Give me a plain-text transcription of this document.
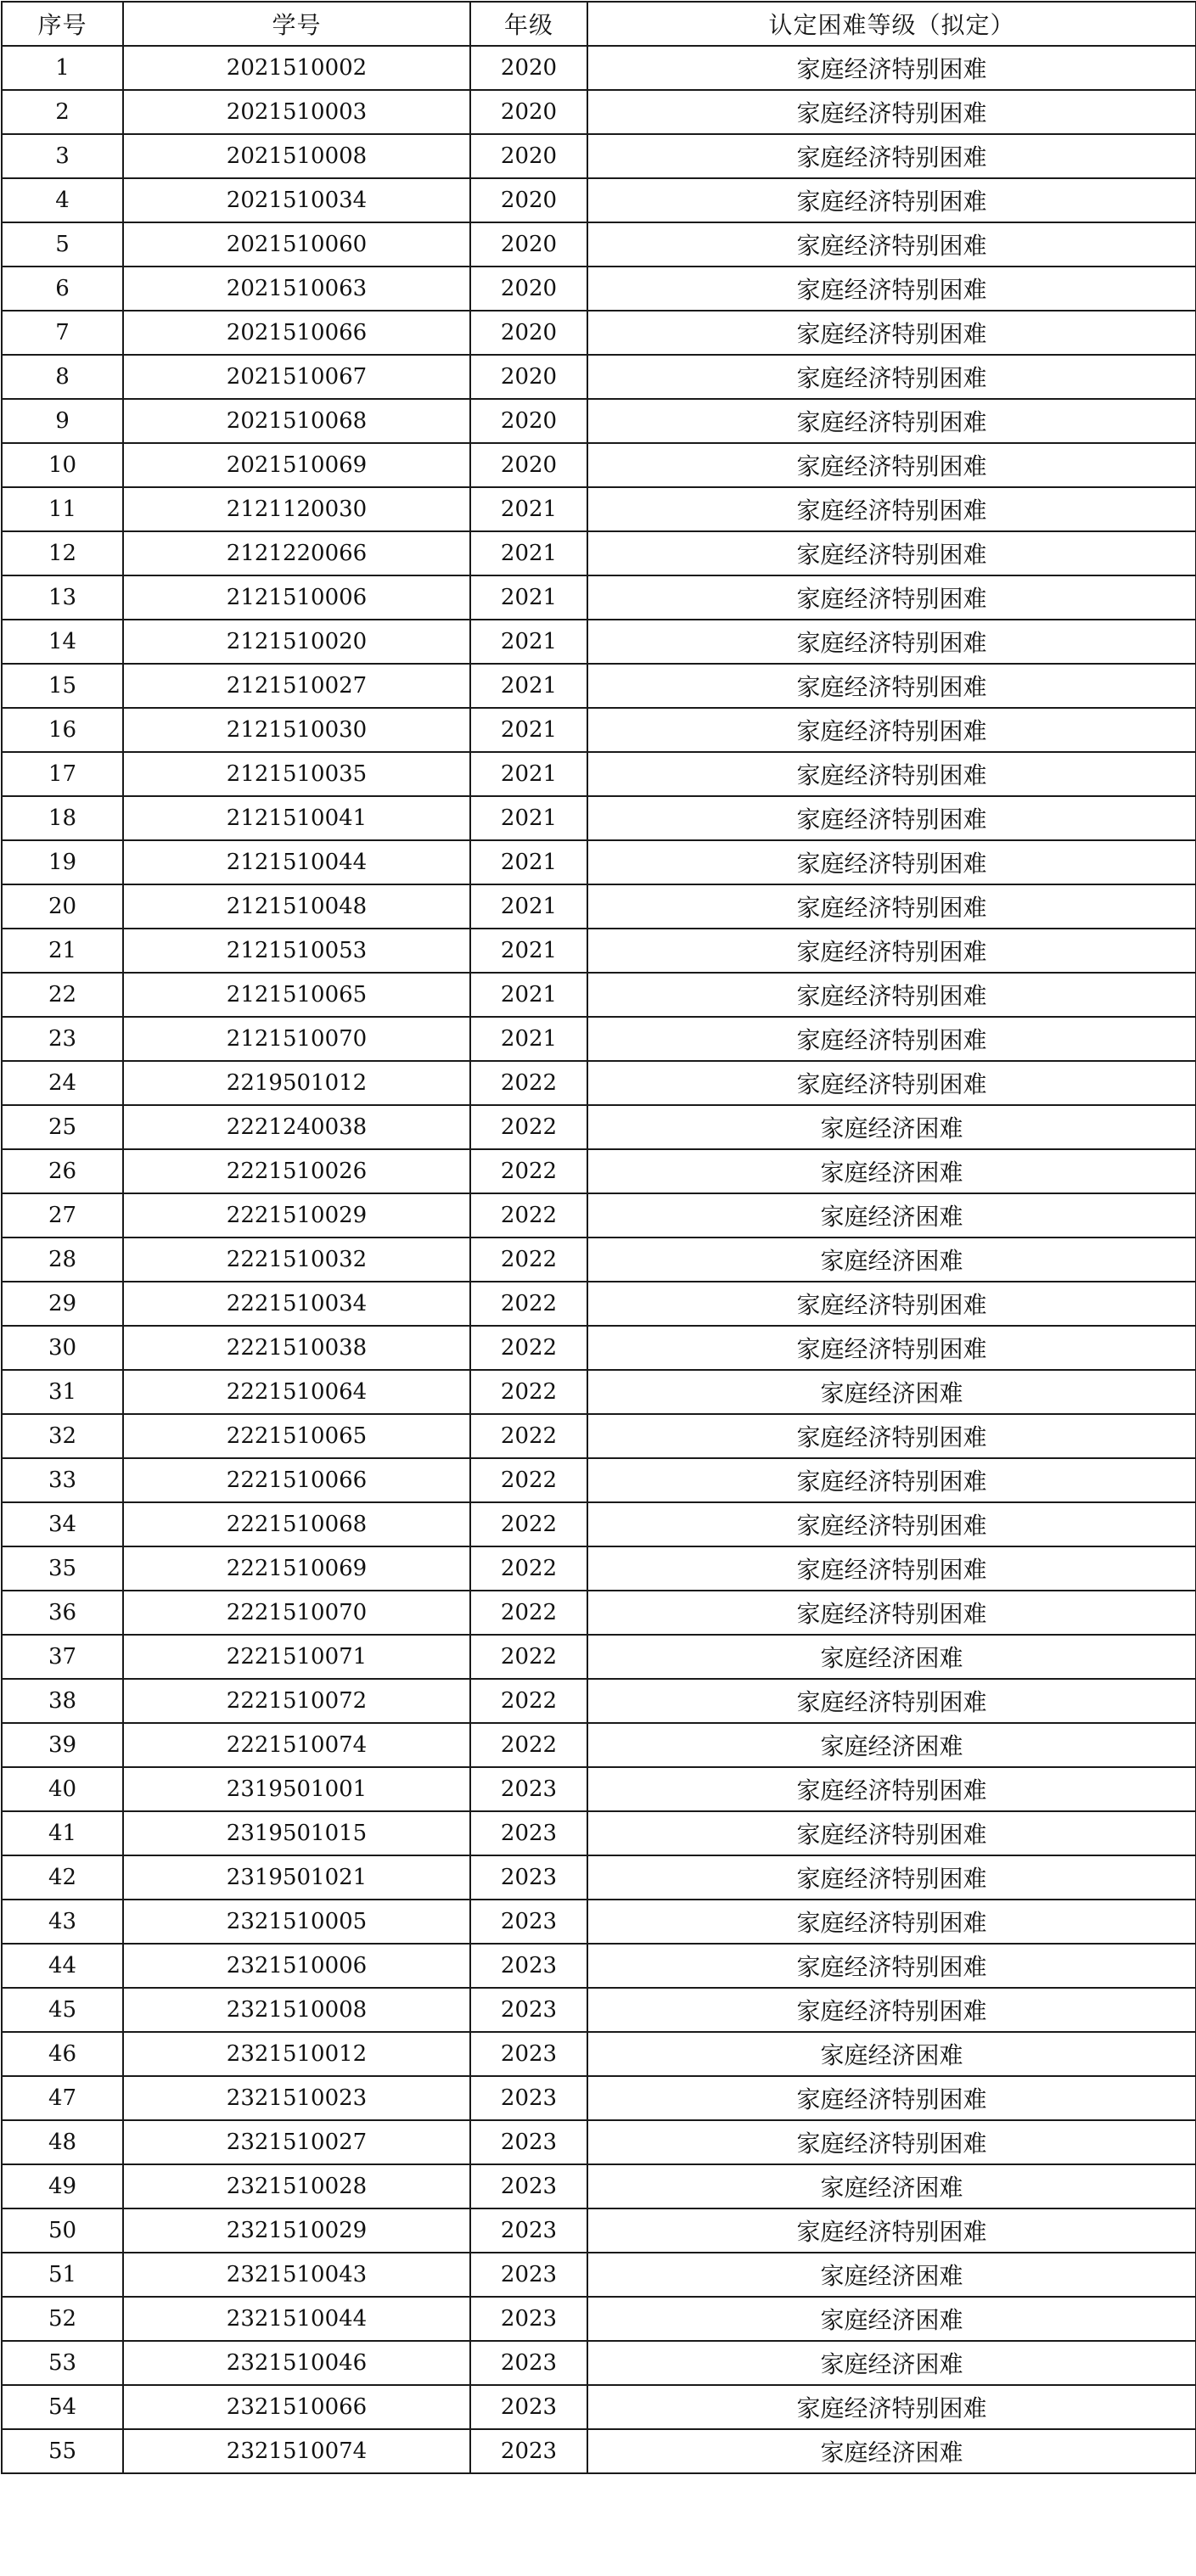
序号	学号	年级	认定困难等级（拟定）
1	2021510002	2020	家庭经济特别困难
2	2021510003	2020	家庭经济特别困难
3	2021510008	2020	家庭经济特别困难
4	2021510034	2020	家庭经济特别困难
5	2021510060	2020	家庭经济特别困难
6	2021510063	2020	家庭经济特别困难
7	2021510066	2020	家庭经济特别困难
8	2021510067	2020	家庭经济特别困难
9	2021510068	2020	家庭经济特别困难
10	2021510069	2020	家庭经济特别困难
11	2121120030	2021	家庭经济特别困难
12	2121220066	2021	家庭经济特别困难
13	2121510006	2021	家庭经济特别困难
14	2121510020	2021	家庭经济特别困难
15	2121510027	2021	家庭经济特别困难
16	2121510030	2021	家庭经济特别困难
17	2121510035	2021	家庭经济特别困难
18	2121510041	2021	家庭经济特别困难
19	2121510044	2021	家庭经济特别困难
20	2121510048	2021	家庭经济特别困难
21	2121510053	2021	家庭经济特别困难
22	2121510065	2021	家庭经济特别困难
23	2121510070	2021	家庭经济特别困难
24	2219501012	2022	家庭经济特别困难
25	2221240038	2022	家庭经济困难
26	2221510026	2022	家庭经济困难
27	2221510029	2022	家庭经济困难
28	2221510032	2022	家庭经济困难
29	2221510034	2022	家庭经济特别困难
30	2221510038	2022	家庭经济特别困难
31	2221510064	2022	家庭经济困难
32	2221510065	2022	家庭经济特别困难
33	2221510066	2022	家庭经济特别困难
34	2221510068	2022	家庭经济特别困难
35	2221510069	2022	家庭经济特别困难
36	2221510070	2022	家庭经济特别困难
37	2221510071	2022	家庭经济困难
38	2221510072	2022	家庭经济特别困难
39	2221510074	2022	家庭经济困难
40	2319501001	2023	家庭经济特别困难
41	2319501015	2023	家庭经济特别困难
42	2319501021	2023	家庭经济特别困难
43	2321510005	2023	家庭经济特别困难
44	2321510006	2023	家庭经济特别困难
45	2321510008	2023	家庭经济特别困难
46	2321510012	2023	家庭经济困难
47	2321510023	2023	家庭经济特别困难
48	2321510027	2023	家庭经济特别困难
49	2321510028	2023	家庭经济困难
50	2321510029	2023	家庭经济特别困难
51	2321510043	2023	家庭经济困难
52	2321510044	2023	家庭经济困难
53	2321510046	2023	家庭经济困难
54	2321510066	2023	家庭经济特别困难
55	2321510074	2023	家庭经济困难
